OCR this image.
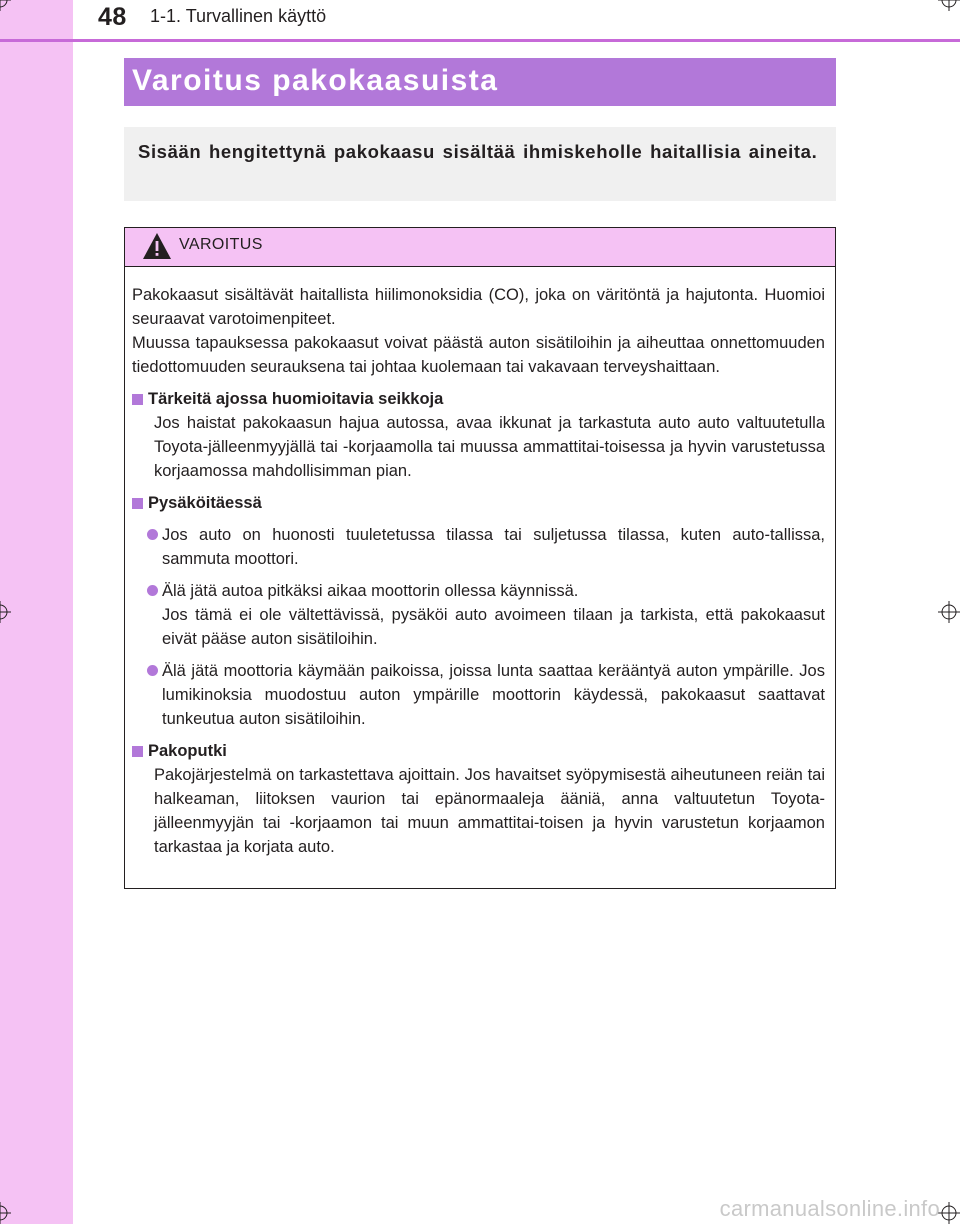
48 1-1. Turvallinen käyttö
Varoitus pakokaasuista

Sisään hengitettynä pakokaasu sisältää ihmiskeholle haitallisia aineita.

VAROITUS

Pakokaasut sisältävät haitallista hiilimonoksidia (CO), joka on väritöntä ja hajutonta. Huomioi seuraavat varotoimenpiteet.

Muussa tapauksessa pakokaasut voivat päästä auton sisätiloihin ja aiheuttaa onnettomuuden tiedottomuuden seurauksena tai johtaa kuolemaan tai vakavaan terveyshaittaan.

Tärkeitä ajossa huomioitavia seikkoja

Jos haistat pakokaasun hajua autossa, avaa ikkunat ja tarkastuta auto auto valtuutetulla Toyota-jälleenmyyjällä tai -korjaamolla tai muussa ammattitai-toisessa ja hyvin varustetussa korjaamossa mahdollisimman pian.

Pysäköitäessä
Jos auto on huonosti tuuletetussa tilassa tai suljetussa tilassa, kuten auto-tallissa, sammuta moottori.
Älä jätä autoa pitkäksi aikaa moottorin ollessa käynnissä.
Jos tämä ei ole vältettävissä, pysäköi auto avoimeen tilaan ja tarkista, että pakokaasut eivät pääse auton sisätiloihin.
Älä jätä moottoria käymään paikoissa, joissa lunta saattaa kerääntyä auton ympärille. Jos lumikinoksia muodostuu auton ympärille moottorin käydessä, pakokaasut saattavat tunkeutua auton sisätiloihin.
Pakoputki

Pakojärjestelmä on tarkastettava ajoittain. Jos havaitset syöpymisestä aiheutuneen reiän tai halkeaman, liitoksen vaurion tai epänormaaleja ääniä, anna valtuutetun Toyota-jälleenmyyjän tai -korjaamon tai muun ammattitai-toisen ja hyvin varustetun korjaamon tarkastaa ja korjata auto.

carmanualsonline.info
